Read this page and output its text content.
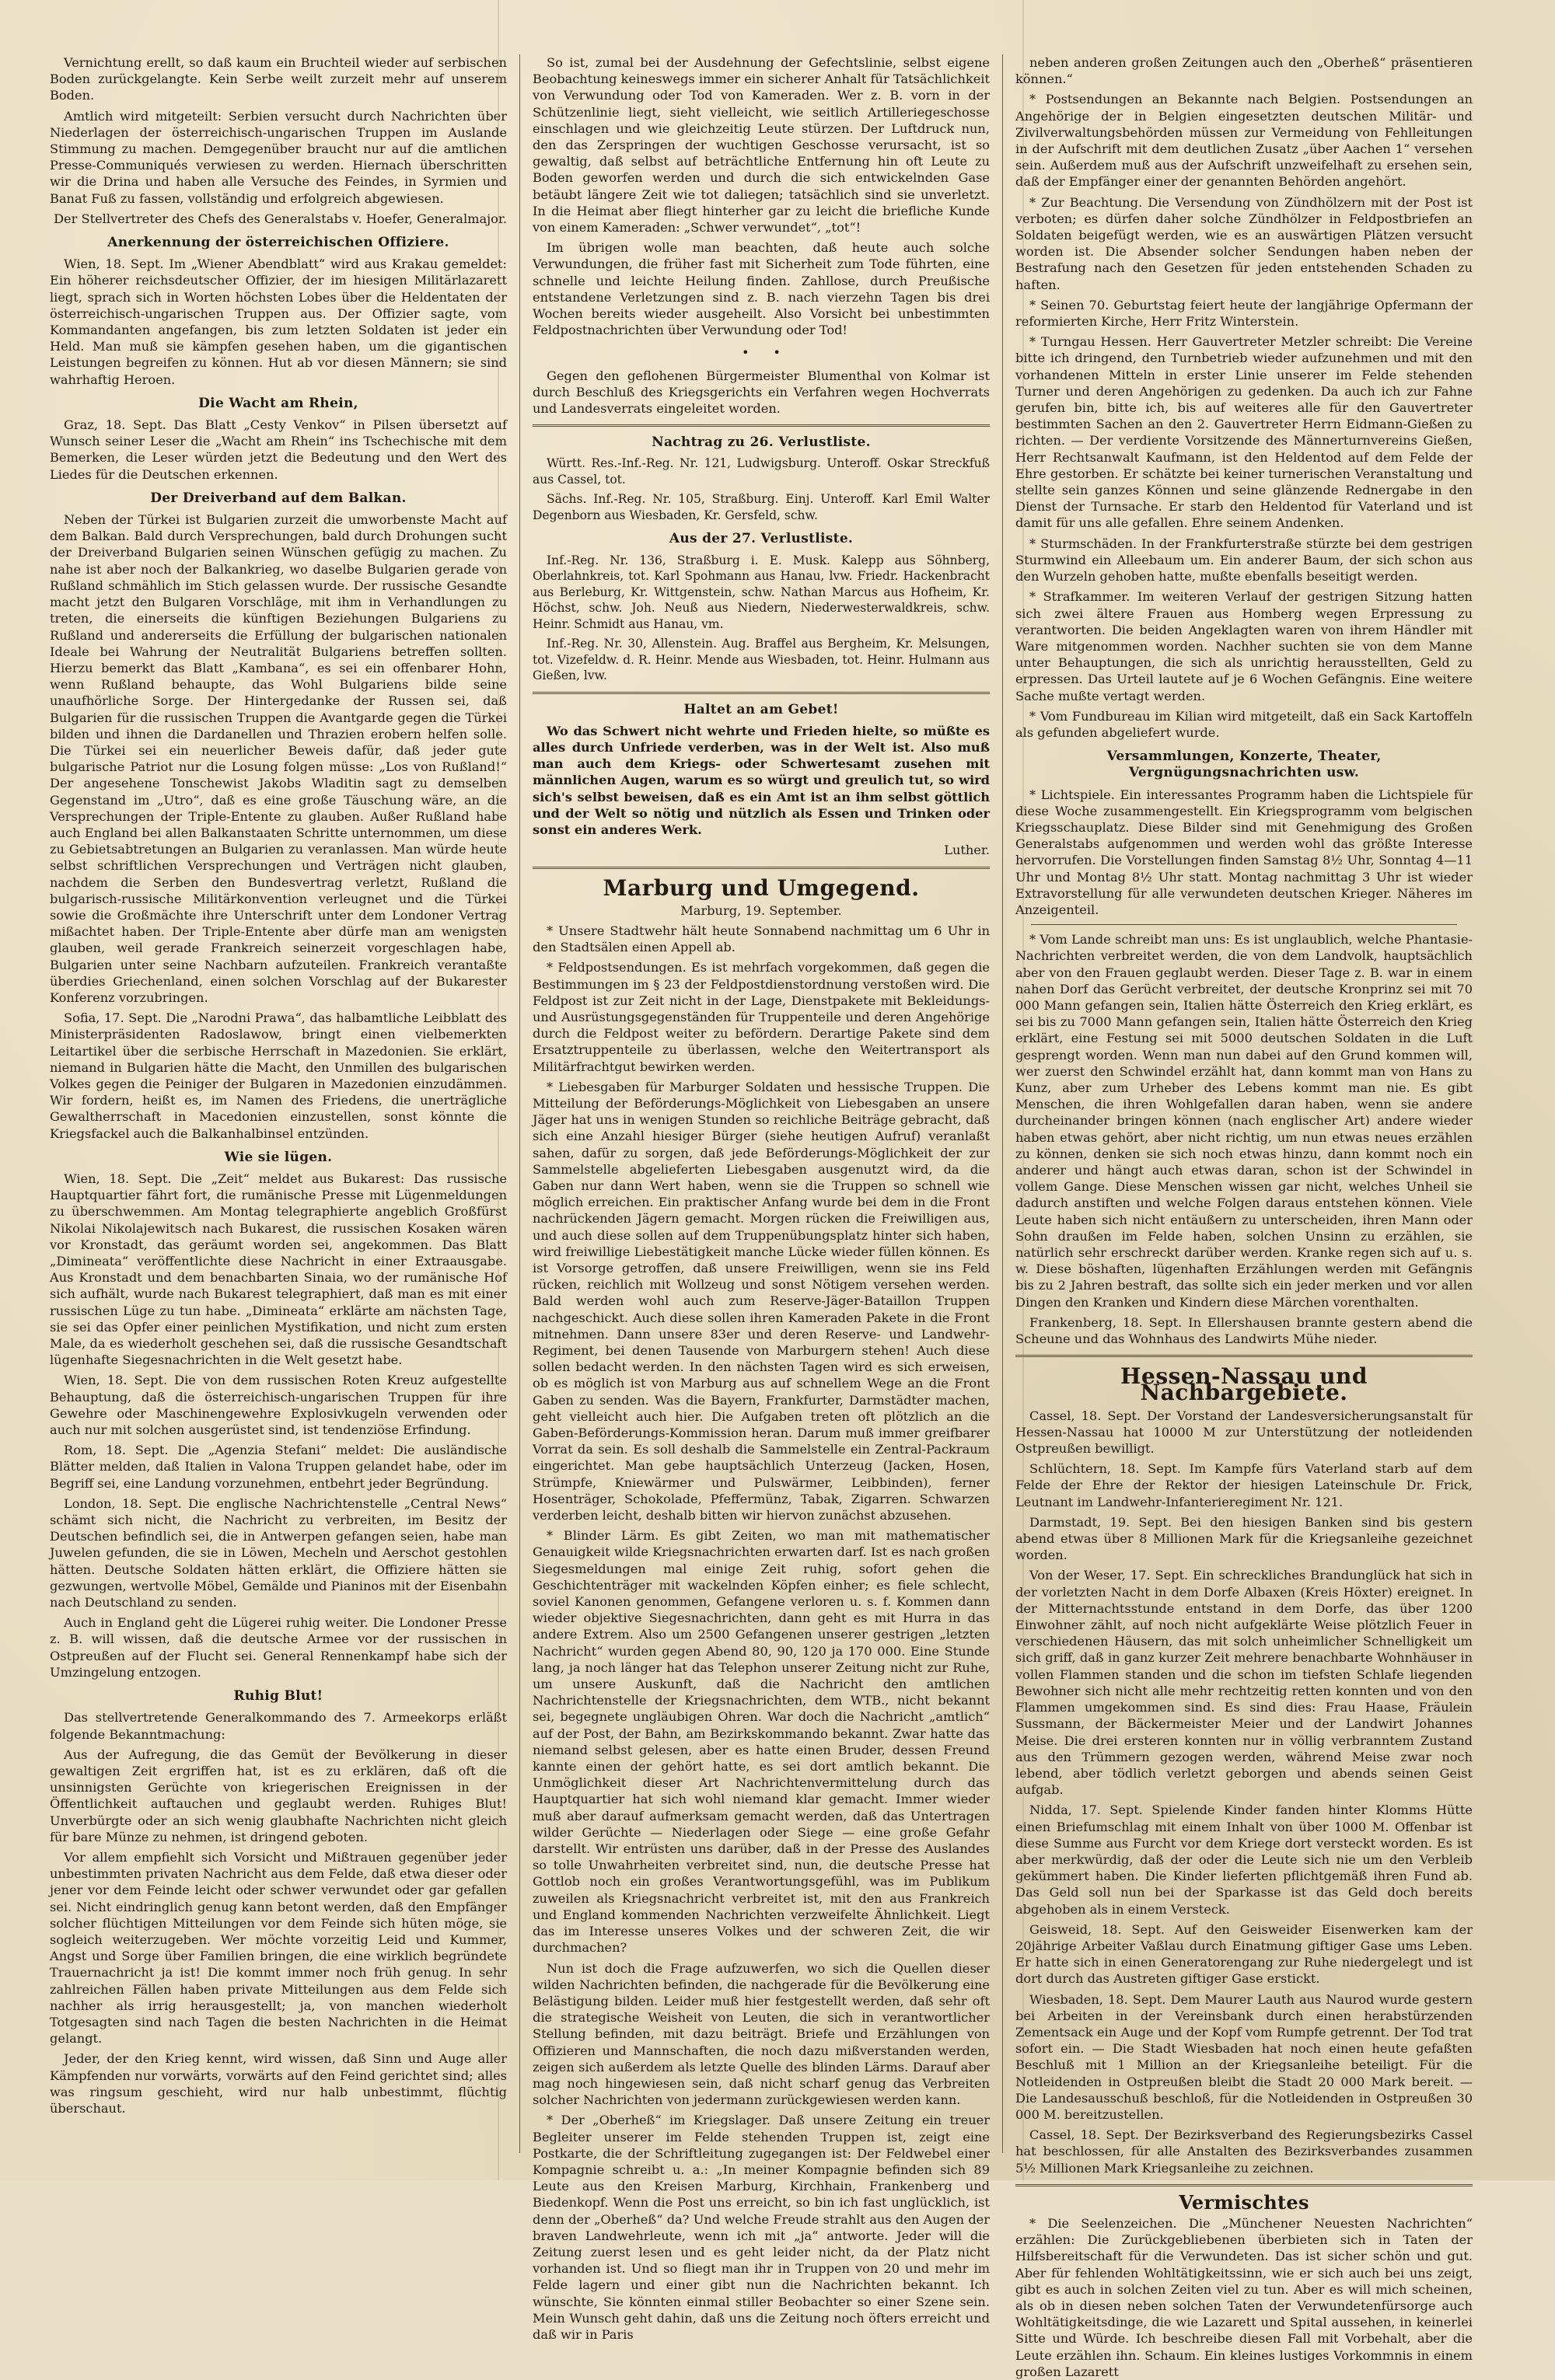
Vernichtung erellt, so daß kaum ein Bruchteil wieder auf serbischen Boden zurückgelangte. Kein Serbe weilt zurzeit mehr auf unserem Boden.

Amtlich wird mitgeteilt: Serbien versucht durch Nachrichten über Niederlagen der österreichisch-ungarischen Truppen im Auslande Stimmung zu machen. Demgegenüber braucht nur auf die amtlichen Presse-Communiqués verwiesen zu werden. Hiernach überschritten wir die Drina und haben alle Versuche des Feindes, in Syrmien und Banat Fuß zu fassen, vollständig und erfolgreich abgewiesen.

Der Stellvertreter des Chefs des Generalstabs v. Hoefer, Generalmajor.

Anerkennung der österreichischen Offiziere.

Wien, 18. Sept. Im „Wiener Abendblatt“ wird aus Krakau gemeldet: Ein höherer reichsdeutscher Offizier, der im hiesigen Militärlazarett liegt, sprach sich in Worten höchsten Lobes über die Heldentaten der österreichisch-ungarischen Truppen aus. Der Offizier sagte, vom Kommandanten angefangen, bis zum letzten Soldaten ist jeder ein Held. Man muß sie kämpfen gesehen haben, um die gigantischen Leistungen begreifen zu können. Hut ab vor diesen Männern; sie sind wahrhaftig Heroen.

Die Wacht am Rhein,

Graz, 18. Sept. Das Blatt „Cesty Venkov“ in Pilsen übersetzt auf Wunsch seiner Leser die „Wacht am Rhein“ ins Tschechische mit dem Bemerken, die Leser würden jetzt die Bedeutung und den Wert des Liedes für die Deutschen erkennen.

Der Dreiverband auf dem Balkan.

Neben der Türkei ist Bulgarien zurzeit die umworbenste Macht auf dem Balkan. Bald durch Versprechungen, bald durch Drohungen sucht der Dreiverband Bulgarien seinen Wünschen gefügig zu machen. Zu nahe ist aber noch der Balkankrieg, wo daselbe Bulgarien gerade von Rußland schmählich im Stich gelassen wurde. Der russische Gesandte macht jetzt den Bulgaren Vorschläge, mit ihm in Verhandlungen zu treten, die einerseits die künftigen Beziehungen Bulgariens zu Rußland und andererseits die Erfüllung der bulgarischen nationalen Ideale bei Wahrung der Neutralität Bulgariens betreffen sollten. Hierzu bemerkt das Blatt „Kambana“, es sei ein offenbarer Hohn, wenn Rußland behaupte, das Wohl Bulgariens bilde seine unaufhörliche Sorge. Der Hintergedanke der Russen sei, daß Bulgarien für die russischen Truppen die Avantgarde gegen die Türkei bilden und ihnen die Dardanellen und Thrazien erobern helfen solle. Die Türkei sei ein neuerlicher Beweis dafür, daß jeder gute bulgarische Patriot nur die Losung folgen müsse: „Los von Rußland!“ Der angesehene Tonschewist Jakobs Wladitin sagt zu demselben Gegenstand im „Utro“, daß es eine große Täuschung wäre, an die Versprechungen der Triple-Entente zu glauben. Außer Rußland habe auch England bei allen Balkanstaaten Schritte unternommen, um diese zu Gebietsabtretungen an Bulgarien zu veranlassen. Man würde heute selbst schriftlichen Versprechungen und Verträgen nicht glauben, nachdem die Serben den Bundesvertrag verletzt, Rußland die bulgarisch-russische Militärkonvention verleugnet und die Türkei sowie die Großmächte ihre Unterschrift unter dem Londoner Vertrag mißachtet haben. Der Triple-Entente aber dürfe man am wenigsten glauben, weil gerade Frankreich seinerzeit vorgeschlagen habe, Bulgarien unter seine Nachbarn aufzuteilen. Frankreich verantaßte überdies Griechenland, einen solchen Vorschlag auf der Bukarester Konferenz vorzubringen.

Sofia, 17. Sept. Die „Narodni Prawa“, das halbamtliche Leibblatt des Ministerpräsidenten Radoslawow, bringt einen vielbemerkten Leitartikel über die serbische Herrschaft in Mazedonien. Sie erklärt, niemand in Bulgarien hätte die Macht, den Unmillen des bulgarischen Volkes gegen die Peiniger der Bulgaren in Mazedonien einzudämmen. Wir fordern, heißt es, im Namen des Friedens, die unerträgliche Gewaltherrschaft in Macedonien einzustellen, sonst könnte die Kriegsfackel auch die Balkanhalbinsel entzünden.

Wie sie lügen.

Wien, 18. Sept. Die „Zeit“ meldet aus Bukarest: Das russische Hauptquartier fährt fort, die rumänische Presse mit Lügenmeldungen zu überschwemmen. Am Montag telegraphierte angeblich Großfürst Nikolai Nikolajewitsch nach Bukarest, die russischen Kosaken wären vor Kronstadt, das geräumt worden sei, angekommen. Das Blatt „Dimineata“ veröffentlichte diese Nachricht in einer Extraausgabe. Aus Kronstadt und dem benachbarten Sinaia, wo der rumänische Hof sich aufhält, wurde nach Bukarest telegraphiert, daß man es mit einer russischen Lüge zu tun habe. „Dimineata“ erklärte am nächsten Tage, sie sei das Opfer einer peinlichen Mystifikation, und nicht zum ersten Male, da es wiederholt geschehen sei, daß die russische Gesandtschaft lügenhafte Siegesnachrichten in die Welt gesetzt habe.

Wien, 18. Sept. Die von dem russischen Roten Kreuz aufgestellte Behauptung, daß die österreichisch-ungarischen Truppen für ihre Gewehre oder Maschinengewehre Explosivkugeln verwenden oder auch nur mit solchen ausgerüstet sind, ist tendenziöse Erfindung.

Rom, 18. Sept. Die „Agenzia Stefani“ meldet: Die ausländische Blätter melden, daß Italien in Valona Truppen gelandet habe, oder im Begriff sei, eine Landung vorzunehmen, entbehrt jeder Begründung.

London, 18. Sept. Die englische Nachrichtenstelle „Central News“ schämt sich nicht, die Nachricht zu verbreiten, im Besitz der Deutschen befindlich sei, die in Antwerpen gefangen seien, habe man Juwelen gefunden, die sie in Löwen, Mecheln und Aerschot gestohlen hätten. Deutsche Soldaten hätten erklärt, die Offiziere hätten sie gezwungen, wertvolle Möbel, Gemälde und Pianinos mit der Eisenbahn nach Deutschland zu senden.

Auch in England geht die Lügerei ruhig weiter. Die Londoner Presse z. B. will wissen, daß die deutsche Armee vor der russischen in Ostpreußen auf der Flucht sei. General Rennenkampf habe sich der Umzingelung entzogen.

Ruhig Blut!

Das stellvertretende Generalkommando des 7. Armeekorps erläßt folgende Bekanntmachung:

Aus der Aufregung, die das Gemüt der Bevölkerung in dieser gewaltigen Zeit ergriffen hat, ist es zu erklären, daß oft die unsinnigsten Gerüchte von kriegerischen Ereignissen in der Öffentlichkeit auftauchen und geglaubt werden. Ruhiges Blut! Unverbürgte oder an sich wenig glaubhafte Nachrichten nicht gleich für bare Münze zu nehmen, ist dringend geboten.

Vor allem empfiehlt sich Vorsicht und Mißtrauen gegenüber jeder unbestimmten privaten Nachricht aus dem Felde, daß etwa dieser oder jener vor dem Feinde leicht oder schwer verwundet oder gar gefallen sei. Nicht eindringlich genug kann betont werden, daß den Empfänger solcher flüchtigen Mitteilungen vor dem Feinde sich hüten möge, sie sogleich weiterzugeben. Wer möchte vorzeitig Leid und Kummer, Angst und Sorge über Familien bringen, die eine wirklich begründete Trauernachricht ja ist! Die kommt immer noch früh genug. In sehr zahlreichen Fällen haben private Mitteilungen aus dem Felde sich nachher als irrig herausgestellt; ja, von manchen wiederholt Totgesagten sind nach Tagen die besten Nachrichten in die Heimat gelangt.

Jeder, der den Krieg kennt, wird wissen, daß Sinn und Auge aller Kämpfenden nur vorwärts, vorwärts auf den Feind gerichtet sind; alles was ringsum geschieht, wird nur halb unbestimmt, flüchtig überschaut.

So ist, zumal bei der Ausdehnung der Gefechtslinie, selbst eigene Beobachtung keineswegs immer ein sicherer Anhalt für Tatsächlichkeit von Verwundung oder Tod von Kameraden. Wer z. B. vorn in der Schützenlinie liegt, sieht vielleicht, wie seitlich Artilleriegeschosse einschlagen und wie gleichzeitig Leute stürzen. Der Luftdruck nun, den das Zerspringen der wuchtigen Geschosse verursacht, ist so gewaltig, daß selbst auf beträchtliche Entfernung hin oft Leute zu Boden geworfen werden und durch die sich entwickelnden Gase betäubt längere Zeit wie tot daliegen; tatsächlich sind sie unverletzt. In die Heimat aber fliegt hinterher gar zu leicht die briefliche Kunde von einem Kameraden: „Schwer verwundet“, „tot“!

Im übrigen wolle man beachten, daß heute auch solche Verwundungen, die früher fast mit Sicherheit zum Tode führten, eine schnelle und leichte Heilung finden. Zahllose, durch Preußische entstandene Verletzungen sind z. B. nach vierzehn Tagen bis drei Wochen bereits wieder ausgeheilt. Also Vorsicht bei unbestimmten Feldpostnachrichten über Verwundung oder Tod!

•      •

Gegen den geflohenen Bürgermeister Blumenthal von Kolmar ist durch Beschluß des Kriegsgerichts ein Verfahren wegen Hochverrats und Landesverrats eingeleitet worden.

Nachtrag zu 26. Verlustliste.

Württ. Res.-Inf.-Reg. Nr. 121, Ludwigsburg. Unteroff. Oskar Streckfuß aus Cassel, tot.

Sächs. Inf.-Reg. Nr. 105, Straßburg. Einj. Unteroff. Karl Emil Walter Degenborn aus Wiesbaden, Kr. Gersfeld, schw.

Aus der 27. Verlustliste.

Inf.-Reg. Nr. 136, Straßburg i. E. Musk. Kalepp aus Söhnberg, Oberlahnkreis, tot. Karl Spohmann aus Hanau, lvw. Friedr. Hackenbracht aus Berleburg, Kr. Wittgenstein, schw. Nathan Marcus aus Hofheim, Kr. Höchst, schw. Joh. Neuß aus Niedern, Niederwesterwaldkreis, schw. Heinr. Schmidt aus Hanau, vm.

Inf.-Reg. Nr. 30, Allenstein. Aug. Braffel aus Bergheim, Kr. Melsungen, tot. Vizefeldw. d. R. Heinr. Mende aus Wiesbaden, tot. Heinr. Hulmann aus Gießen, lvw.

Haltet an am Gebet!

Wo das Schwert nicht wehrte und Frieden hielte, so müßte es alles durch Unfriede verderben, was in der Welt ist. Also muß man auch dem Kriegs- oder Schwertesamt zusehen mit männlichen Augen, warum es so würgt und greulich tut, so wird sich's selbst beweisen, daß es ein Amt ist an ihm selbst göttlich und der Welt so nötig und nützlich als Essen und Trinken oder sonst ein anderes Werk.

Luther.

Marburg und Umgegend.

Marburg, 19. September.

* Unsere Stadtwehr hält heute Sonnabend nachmittag um 6 Uhr in den Stadtsälen einen Appell ab.

* Feldpostsendungen. Es ist mehrfach vorgekommen, daß gegen die Bestimmungen im § 23 der Feldpostdienstordnung verstoßen wird. Die Feldpost ist zur Zeit nicht in der Lage, Dienstpakete mit Bekleidungs- und Ausrüstungsgegenständen für Truppenteile und deren Angehörige durch die Feldpost weiter zu befördern. Derartige Pakete sind dem Ersatztruppenteile zu überlassen, welche den Weitertransport als Militärfrachtgut bewirken werden.

* Liebesgaben für Marburger Soldaten und hessische Truppen. Die Mitteilung der Beförderungs-Möglichkeit von Liebesgaben an unsere Jäger hat uns in wenigen Stunden so reichliche Beiträge gebracht, daß sich eine Anzahl hiesiger Bürger (siehe heutigen Aufruf) veranlaßt sahen, dafür zu sorgen, daß jede Beförderungs-Möglichkeit der zur Sammelstelle abgelieferten Liebesgaben ausgenutzt wird, da die Gaben nur dann Wert haben, wenn sie die Truppen so schnell wie möglich erreichen. Ein praktischer Anfang wurde bei dem in die Front nachrückenden Jägern gemacht. Morgen rücken die Freiwilligen aus, und auch diese sollen auf dem Truppenübungsplatz hinter sich haben, wird freiwillige Liebestätigkeit manche Lücke wieder füllen können. Es ist Vorsorge getroffen, daß unsere Freiwilligen, wenn sie ins Feld rücken, reichlich mit Wollzeug und sonst Nötigem versehen werden. Bald werden wohl auch zum Reserve-Jäger-Bataillon Truppen nachgeschickt. Auch diese sollen ihren Kameraden Pakete in die Front mitnehmen. Dann unsere 83er und deren Reserve- und Landwehr-Regiment, bei denen Tausende von Marburgern stehen! Auch diese sollen bedacht werden. In den nächsten Tagen wird es sich erweisen, ob es möglich ist von Marburg aus auf schnellem Wege an die Front Gaben zu senden. Was die Bayern, Frankfurter, Darmstädter machen, geht vielleicht auch hier. Die Aufgaben treten oft plötzlich an die Gaben-Beförderungs-Kommission heran. Darum muß immer greifbarer Vorrat da sein. Es soll deshalb die Sammelstelle ein Zentral-Packraum eingerichtet. Man gebe hauptsächlich Unterzeug (Jacken, Hosen, Strümpfe, Kniewärmer und Pulswärmer, Leibbinden), ferner Hosenträger, Schokolade, Pfeffermünz, Tabak, Zigarren. Schwarzen verderben leicht, deshalb bitten wir hiervon zunächst abzusehen.

* Blinder Lärm. Es gibt Zeiten, wo man mit mathematischer Genauigkeit wilde Kriegsnachrichten erwarten darf. Ist es nach großen Siegesmeldungen mal einige Zeit ruhig, sofort gehen die Geschichtenträger mit wackelnden Köpfen einher; es fiele schlecht, soviel Kanonen genommen, Gefangene verloren u. s. f. Kommen dann wieder objektive Siegesnachrichten, dann geht es mit Hurra in das andere Extrem. Also um 2500 Gefangenen unserer gestrigen „letzten Nachricht“ wurden gegen Abend 80, 90, 120 ja 170 000. Eine Stunde lang, ja noch länger hat das Telephon unserer Zeitung nicht zur Ruhe, um unsere Auskunft, daß die Nachricht den amtlichen Nachrichtenstelle der Kriegsnachrichten, dem WTB., nicht bekannt sei, begegnete ungläubigen Ohren. War doch die Nachricht „amtlich“ auf der Post, der Bahn, am Bezirkskommando bekannt. Zwar hatte das niemand selbst gelesen, aber es hatte einen Bruder, dessen Freund kannte einen der gehört hatte, es sei dort amtlich bekannt. Die Unmöglichkeit dieser Art Nachrichtenvermittelung durch das Hauptquartier hat sich wohl niemand klar gemacht. Immer wieder muß aber darauf aufmerksam gemacht werden, daß das Untertragen wilder Gerüchte — Niederlagen oder Siege — eine große Gefahr darstellt. Wir entrüsten uns darüber, daß in der Presse des Auslandes so tolle Unwahrheiten verbreitet sind, nun, die deutsche Presse hat Gottlob noch ein großes Verantwortungsgefühl, was im Publikum zuweilen als Kriegsnachricht verbreitet ist, mit den aus Frankreich und England kommenden Nachrichten verzweifelte Ähnlichkeit. Liegt das im Interesse unseres Volkes und der schweren Zeit, die wir durchmachen?

Nun ist doch die Frage aufzuwerfen, wo sich die Quellen dieser wilden Nachrichten befinden, die nachgerade für die Bevölkerung eine Belästigung bilden. Leider muß hier festgestellt werden, daß sehr oft die strategische Weisheit von Leuten, die sich in verantwortlicher Stellung befinden, mit dazu beiträgt. Briefe und Erzählungen von Offizieren und Mannschaften, die noch dazu mißverstanden werden, zeigen sich außerdem als letzte Quelle des blinden Lärms. Darauf aber mag noch hingewiesen sein, daß nicht scharf genug das Verbreiten solcher Nachrichten von jedermann zurückgewiesen werden kann.

* Der „Oberheß“ im Kriegslager. Daß unsere Zeitung ein treuer Begleiter unserer im Felde stehenden Truppen ist, zeigt eine Postkarte, die der Schriftleitung zugegangen ist: Der Feldwebel einer Kompagnie schreibt u. a.: „In meiner Kompagnie befinden sich 89 Leute aus den Kreisen Marburg, Kirchhain, Frankenberg und Biedenkopf. Wenn die Post uns erreicht, so bin ich fast unglücklich, ist denn der „Oberheß“ da? Und welche Freude strahlt aus den Augen der braven Landwehrleute, wenn ich mit „ja“ antworte. Jeder will die Zeitung zuerst lesen und es geht leider nicht, da der Platz nicht vorhanden ist. Und so fliegt man ihr in Truppen von 20 und mehr im Felde lagern und einer gibt nun die Nachrichten bekannt. Ich wünschte, Sie könnten einmal stiller Beobachter so einer Szene sein. Mein Wunsch geht dahin, daß uns die Zeitung noch öfters erreicht und daß wir in Paris

neben anderen großen Zeitungen auch den „Oberheß“ präsentieren können.“

* Postsendungen an Bekannte nach Belgien. Postsendungen an Angehörige der in Belgien eingesetzten deutschen Militär- und Zivilverwaltungsbehörden müssen zur Vermeidung von Fehlleitungen in der Aufschrift mit dem deutlichen Zusatz „über Aachen 1“ versehen sein. Außerdem muß aus der Aufschrift unzweifelhaft zu ersehen sein, daß der Empfänger einer der genannten Behörden angehört.

* Zur Beachtung. Die Versendung von Zündhölzern mit der Post ist verboten; es dürfen daher solche Zündhölzer in Feldpostbriefen an Soldaten beigefügt werden, wie es an auswärtigen Plätzen versucht worden ist. Die Absender solcher Sendungen haben neben der Bestrafung nach den Gesetzen für jeden entstehenden Schaden zu haften.

* Seinen 70. Geburtstag feiert heute der langjährige Opfermann der reformierten Kirche, Herr Fritz Winterstein.

* Turngau Hessen. Herr Gauvertreter Metzler schreibt: Die Vereine bitte ich dringend, den Turnbetrieb wieder aufzunehmen und mit den vorhandenen Mitteln in erster Linie unserer im Felde stehenden Turner und deren Angehörigen zu gedenken. Da auch ich zur Fahne gerufen bin, bitte ich, bis auf weiteres alle für den Gauvertreter bestimmten Sachen an den 2. Gauvertreter Herrn Eidmann-Gießen zu richten. — Der verdiente Vorsitzende des Männerturnvereins Gießen, Herr Rechtsanwalt Kaufmann, ist den Heldentod auf dem Felde der Ehre gestorben. Er schätzte bei keiner turnerischen Veranstaltung und stellte sein ganzes Können und seine glänzende Rednergabe in den Dienst der Turnsache. Er starb den Heldentod für Vaterland und ist damit für uns alle gefallen. Ehre seinem Andenken.

* Sturmschäden. In der Frankfurterstraße stürzte bei dem gestrigen Sturmwind ein Alleebaum um. Ein anderer Baum, der sich schon aus den Wurzeln gehoben hatte, mußte ebenfalls beseitigt werden.

* Strafkammer. Im weiteren Verlauf der gestrigen Sitzung hatten sich zwei ältere Frauen aus Homberg wegen Erpressung zu verantworten. Die beiden Angeklagten waren von ihrem Händler mit Ware mitgenommen worden. Nachher suchten sie von dem Manne unter Behauptungen, die sich als unrichtig herausstellten, Geld zu erpressen. Das Urteil lautete auf je 6 Wochen Gefängnis. Eine weitere Sache mußte vertagt werden.

* Vom Fundbureau im Kilian wird mitgeteilt, daß ein Sack Kartoffeln als gefunden abgeliefert wurde.

Versammlungen, Konzerte, Theater, Vergnügungsnachrichten usw.

* Lichtspiele. Ein interessantes Programm haben die Lichtspiele für diese Woche zusammengestellt. Ein Kriegsprogramm vom belgischen Kriegsschauplatz. Diese Bilder sind mit Genehmigung des Großen Generalstabs aufgenommen und werden wohl das größte Interesse hervorrufen. Die Vorstellungen finden Samstag 8½ Uhr, Sonntag 4—11 Uhr und Montag 8½ Uhr statt. Montag nachmittag 3 Uhr ist wieder Extravorstellung für alle verwundeten deutschen Krieger. Näheres im Anzeigenteil.

* Vom Lande schreibt man uns: Es ist unglaublich, welche Phantasie-Nachrichten verbreitet werden, die von dem Landvolk, hauptsächlich aber von den Frauen geglaubt werden. Dieser Tage z. B. war in einem nahen Dorf das Gerücht verbreitet, der deutsche Kronprinz sei mit 70 000 Mann gefangen sein, Italien hätte Österreich den Krieg erklärt, es sei bis zu 7000 Mann gefangen sein, Italien hätte Österreich den Krieg erklärt, eine Festung sei mit 5000 deutschen Soldaten in die Luft gesprengt worden. Wenn man nun dabei auf den Grund kommen will, wer zuerst den Schwindel erzählt hat, dann kommt man von Hans zu Kunz, aber zum Urheber des Lebens kommt man nie. Es gibt Menschen, die ihren Wohlgefallen daran haben, wenn sie andere durcheinander bringen können (nach englischer Art) andere wieder haben etwas gehört, aber nicht richtig, um nun etwas neues erzählen zu können, denken sie sich noch etwas hinzu, dann kommt noch ein anderer und hängt auch etwas daran, schon ist der Schwindel in vollem Gange. Diese Menschen wissen gar nicht, welches Unheil sie dadurch anstiften und welche Folgen daraus entstehen können. Viele Leute haben sich nicht entäußern zu unterscheiden, ihren Mann oder Sohn draußen im Felde haben, solchen Unsinn zu erzählen, sie natürlich sehr erschreckt darüber werden. Kranke regen sich auf u. s. w. Diese böshaften, lügenhaften Erzählungen werden mit Gefängnis bis zu 2 Jahren bestraft, das sollte sich ein jeder merken und vor allen Dingen den Kranken und Kindern diese Märchen vorenthalten.

Frankenberg, 18. Sept. In Ellershausen brannte gestern abend die Scheune und das Wohnhaus des Landwirts Mühe nieder.

Hessen-Nassau und Nachbargebiete.

Cassel, 18. Sept. Der Vorstand der Landesversicherungsanstalt für Hessen-Nassau hat 10000 M zur Unterstützung der notleidenden Ostpreußen bewilligt.

Schlüchtern, 18. Sept. Im Kampfe fürs Vaterland starb auf dem Felde der Ehre der Rektor der hiesigen Lateinschule Dr. Frick, Leutnant im Landwehr-Infanterieregiment Nr. 121.

Darmstadt, 19. Sept. Bei den hiesigen Banken sind bis gestern abend etwas über 8 Millionen Mark für die Kriegsanleihe gezeichnet worden.

Von der Weser, 17. Sept. Ein schreckliches Brandunglück hat sich in der vorletzten Nacht in dem Dorfe Albaxen (Kreis Höxter) ereignet. In der Mitternachtsstunde entstand in dem Dorfe, das über 1200 Einwohner zählt, auf noch nicht aufgeklärte Weise plötzlich Feuer in verschiedenen Häusern, das mit solch unheimlicher Schnelligkeit um sich griff, daß in ganz kurzer Zeit mehrere benachbarte Wohnhäuser in vollen Flammen standen und die schon im tiefsten Schlafe liegenden Bewohner sich nicht alle mehr rechtzeitig retten konnten und von den Flammen umgekommen sind. Es sind dies: Frau Haase, Fräulein Sussmann, der Bäckermeister Meier und der Landwirt Johannes Meise. Die drei ersteren konnten nur in völlig verbranntem Zustand aus den Trümmern gezogen werden, während Meise zwar noch lebend, aber tödlich verletzt geborgen und abends seinen Geist aufgab.

Nidda, 17. Sept. Spielende Kinder fanden hinter Klomms Hütte einen Briefumschlag mit einem Inhalt von über 1000 M. Offenbar ist diese Summe aus Furcht vor dem Kriege dort versteckt worden. Es ist aber merkwürdig, daß der oder die Leute sich nie um den Verbleib gekümmert haben. Die Kinder lieferten pflichtgemäß ihren Fund ab. Das Geld soll nun bei der Sparkasse ist das Geld doch bereits abgehoben als in einem Versteck.

Geisweid, 18. Sept. Auf den Geisweider Eisenwerken kam der 20jährige Arbeiter Vaßlau durch Einatmung giftiger Gase ums Leben. Er hatte sich in einen Generatorengang zur Ruhe niedergelegt und ist dort durch das Austreten giftiger Gase erstickt.

Wiesbaden, 18. Sept. Dem Maurer Lauth aus Naurod wurde gestern bei Arbeiten in der Vereinsbank durch einen herabstürzenden Zementsack ein Auge und der Kopf vom Rumpfe getrennt. Der Tod trat sofort ein. — Die Stadt Wiesbaden hat noch einen heute gefaßten Beschluß mit 1 Million an der Kriegsanleihe beteiligt. Für die Notleidenden in Ostpreußen bleibt die Stadt 20 000 Mark bereit. — Die Landesausschuß beschloß, für die Notleidenden in Ostpreußen 30 000 M. bereitzustellen.

Cassel, 18. Sept. Der Bezirksverband des Regierungsbezirks Cassel hat beschlossen, für alle Anstalten des Bezirksverbandes zusammen 5½ Millionen Mark Kriegsanleihe zu zeichnen.

Vermischtes

* Die Seelenzeichen. Die „Münchener Neuesten Nachrichten“ erzählen: Die Zurückgebliebenen überbieten sich in Taten der Hilfsbereitschaft für die Verwundeten. Das ist sicher schön und gut. Aber für fehlenden Wohltätigkeitssinn, wie er sich auch bei uns zeigt, gibt es auch in solchen Zeiten viel zu tun. Aber es will mich scheinen, als ob in diesen neben solchen Taten der Verwundetenfürsorge auch Wohltätigkeitsdinge, die wie Lazarett und Spital aussehen, in keinerlei Sitte und Würde. Ich beschreibe diesen Fall mit Vorbehalt, aber die Leute erzählen ihn. Schaum. Ein kleines lustiges Vorkommnis in einem großen Lazarett
